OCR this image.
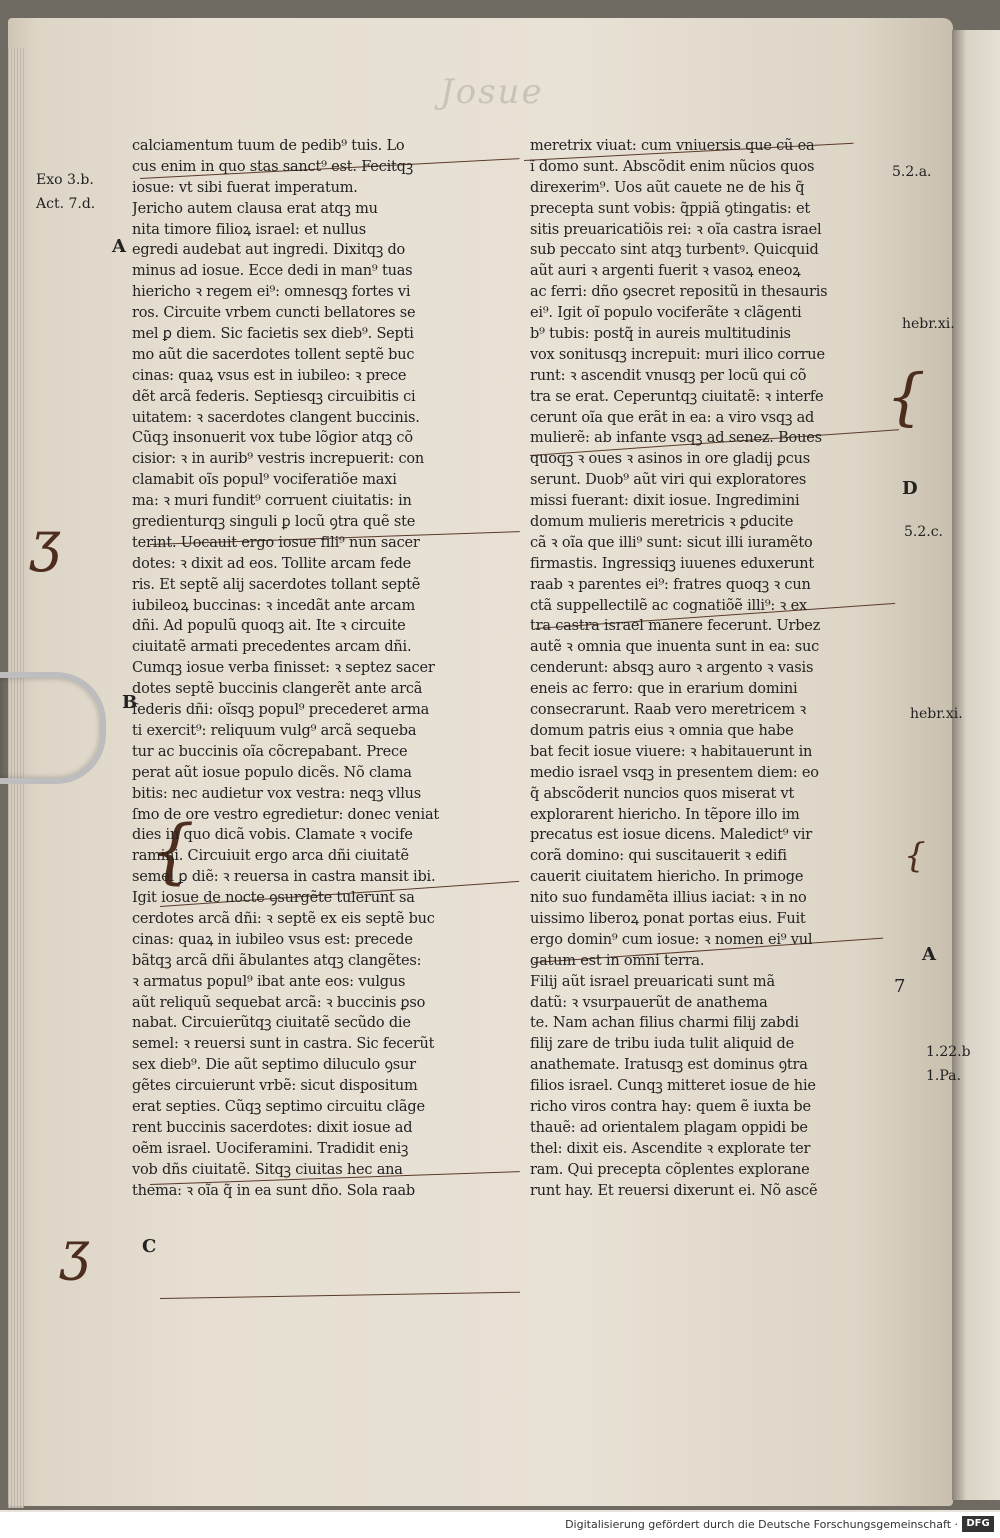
Josue
Exo 3.b.
Act. 7.d.
A
B
C
5.2.a.
hebr.xi.
D
5.2.c.
hebr.xi.
A
1.22.b
1.Pa.
ʒ
ʒ
{
{	{
calciamentum tuum de pedib⁹ tuis. Lo
cus enim in quo stas sanct⁹ est. Fecitqꝫ
iosue: vt sibi fuerat imperatum.
Jericho autem clausa erat atqꝫ mu
nita timore filioꝝ israel: et nullus
egredi audebat aut ingredi. Dixitqꝫ do
minus ad iosue. Ecce dedi in man⁹ tuas
hiericho ꝛ regem ei⁹: omnesqꝫ fortes vi
ros. Circuite vrbem cuncti bellatores se
mel ꝑ diem. Sic facietis sex dieb⁹. Septi
mo aũt die sacerdotes tollent septẽ buc
cinas: quaꝝ vsus est in iubileo: ꝛ prece
dẽt arcã federis. Septiesqꝫ circuibitis ci
uitatem: ꝛ sacerdotes clangent buccinis.
Cũqꝫ insonuerit vox tube lõgior atqꝫ cõ
cisior: ꝛ in aurib⁹ vestris increpuerit: con
clamabit oĩs popul⁹ vociferatiõe maxi
ma: ꝛ muri fundit⁹ corruent ciuitatis: in
gredienturqꝫ singuli ꝑ locũ ꝯtra quẽ ste
terint. Uocauit ergo iosue fili⁹ nun sacer
dotes: ꝛ dixit ad eos. Tollite arcam fede
ris. Et septẽ alij sacerdotes tollant septẽ
iubileoꝝ buccinas: ꝛ incedãt ante arcam
dñi. Ad populũ quoqꝫ ait. Ite ꝛ circuite
ciuitatẽ armati precedentes arcam dñi.
Cumqꝫ iosue verba finisset: ꝛ septez sacer
dotes septẽ buccinis clangerẽt ante arcã
federis dñi: oĩsqꝫ popul⁹ precederet arma
ti exercit⁹: reliquum vulg⁹ arcã sequeba
tur ac buccinis oĩa cõcrepabant. Prece
perat aũt iosue populo dicẽs. Nõ clama
bitis: nec audietur vox vestra: neqꝫ vllus
ſmo de ore vestro egredietur: donec veniat
dies in quo dicã vobis. Clamate ꝛ vocife
ramini. Circuiuit ergo arca dñi ciuitatẽ
semel ꝑ diẽ: ꝛ reuersa in castra mansit ibi.
Igit iosue de nocte ꝯsurgẽte tulerunt sa
cerdotes arcã dñi: ꝛ septẽ ex eis septẽ buc
cinas: quaꝝ in iubileo vsus est: precede
bãtqꝫ arcã dñi ãbulantes atqꝫ clangẽtes:
ꝛ armatus popul⁹ ibat ante eos: vulgus
aũt reliquũ sequebat arcã: ꝛ buccinis ꝑso
nabat. Circuierũtqꝫ ciuitatẽ secũdo die
semel: ꝛ reuersi sunt in castra. Sic fecerũt
sex dieb⁹. Die aũt septimo diluculo ꝯsur
gẽtes circuierunt vrbẽ: sicut dispositum
erat septies. Cũqꝫ septimo circuitu clãge
rent buccinis sacerdotes: dixit iosue ad
oẽm israel. Uociferamini. Tradidit eniꝫ
vob dñs ciuitatẽ. Sitqꝫ ciuitas hec ana
thema: ꝛ oĩa q̃ in ea sunt dño. Sola raab
meretrix viuat: cum vniuersis que cũ ea
ĩ domo sunt. Abscõdit enim nũcios quos
direxerim⁹. Uos aũt cauete ne de his q̃
precepta sunt vobis: q̃ppiã ꝯtingatis: et
sitis preuaricatiõis rei: ꝛ oĩa castra israel
sub peccato sint atqꝫ turbentꝰ. Quicquid
aũt auri ꝛ argenti fuerit ꝛ vasoꝝ eneoꝝ
ac ferri: dño ꝯsecret repositũ in thesauris
ei⁹. Igit oĩ populo vociferãte ꝛ clãgenti
b⁹ tubis: postq̃ in aureis multitudinis
vox sonitusqꝫ increpuit: muri ilico corrue
runt: ꝛ ascendit vnusqꝫ per locũ qui cõ
tra se erat. Ceperuntqꝫ ciuitatẽ: ꝛ interfe
cerunt oĩa que erãt in ea: a viro vsqꝫ ad
mulierẽ: ab infante vsqꝫ ad senez. Boues
quoqꝫ ꝛ oues ꝛ asinos in ore gladij ꝑcus
serunt. Duob⁹ aũt viri qui exploratores
missi fuerant: dixit iosue. Ingredimini
domum mulieris meretricis ꝛ ꝑducite
cã ꝛ oĩa que illi⁹ sunt: sicut illi iuramẽto
firmastis. Ingressiqꝫ iuuenes eduxerunt
raab ꝛ parentes ei⁹: fratres quoqꝫ ꝛ cun
ctã suppellectilẽ ac cognatiõẽ illi⁹: ꝛ ex
tra castra israel manere fecerunt. Urbez
autẽ ꝛ omnia que inuenta sunt in ea: suc
cenderunt: absqꝫ auro ꝛ argento ꝛ vasis
eneis ac ferro: que in erarium domini
consecrarunt. Raab vero meretricem ꝛ
domum patris eius ꝛ omnia que habe
bat fecit iosue viuere: ꝛ habitauerunt in
medio israel vsqꝫ in presentem diem: eo
q̃ abscõderit nuncios quos miserat vt
explorarent hiericho. In tẽpore illo im
precatus est iosue dicens. Maledict⁹ vir
corã domino: qui suscitauerit ꝛ edifi
cauerit ciuitatem hiericho. In primoge
nito suo fundamẽta illius iaciat: ꝛ in no
uissimo liberoꝝ ponat portas eius. Fuit
ergo domin⁹ cum iosue: ꝛ nomen ei⁹ vul
gatum est in omni terra.
Filij aũt israel preuaricati sunt mã
datũ: ꝛ vsurpauerũt de anathema
te. Nam achan filius charmi filij zabdi
filij zare de tribu iuda tulit aliquid de
anathemate. Iratusqꝫ est dominus ꝯtra
filios israel. Cunqꝫ mitteret iosue de hie
richo viros contra hay: quem ẽ iuxta be
thauẽ: ad orientalem plagam oppidi be
thel: dixit eis. Ascendite ꝛ explorate ter
ram. Qui precepta cõplentes explorane
runt hay. Et reuersi dixerunt ei. Nõ ascẽ
7
Digitalisierung gefördert durch die Deutsche Forschungsgemeinschaft · DFG
